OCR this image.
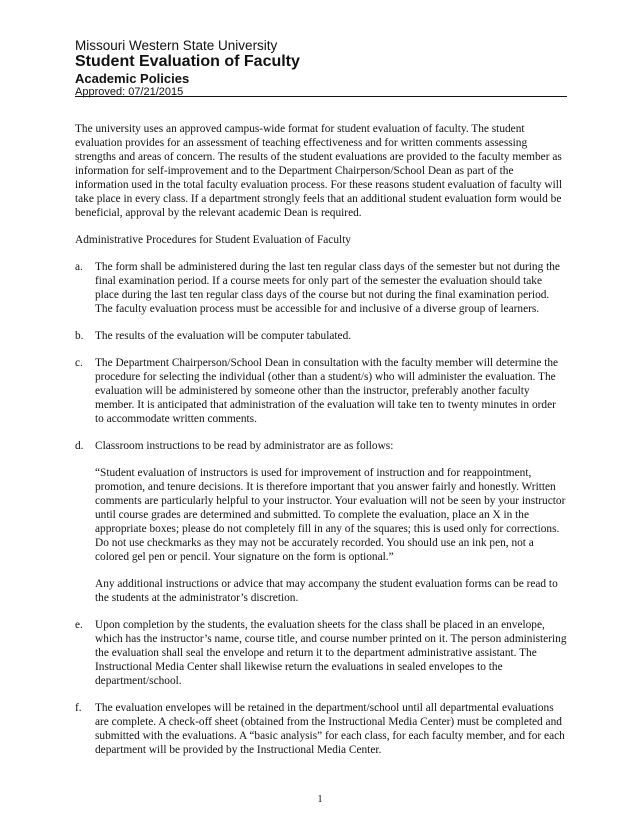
Missouri Western State University
Student Evaluation of Faculty
Academic Policies
Approved: 07/21/2015

The university uses an approved campus-wide format for student evaluation of faculty. The student evaluation provides for an assessment of teaching effectiveness and for written comments assessing strengths and areas of concern. The results of the student evaluations are provided to the faculty member as information for self-improvement and to the Department Chairperson/School Dean as part of the information used in the total faculty evaluation process. For these reasons student evaluation of faculty will take place in every class. If a department strongly feels that an additional student evaluation form would be beneficial, approval by the relevant academic Dean is required.

Administrative Procedures for Student Evaluation of Faculty

a. The form shall be administered during the last ten regular class days of the semester but not during the final examination period. If a course meets for only part of the semester the evaluation should take place during the last ten regular class days of the course but not during the final examination period. The faculty evaluation process must be accessible for and inclusive of a diverse group of learners.

b. The results of the evaluation will be computer tabulated.

c. The Department Chairperson/School Dean in consultation with the faculty member will determine the procedure for selecting the individual (other than a student/s) who will administer the evaluation. The evaluation will be administered by someone other than the instructor, preferably another faculty member. It is anticipated that administration of the evaluation will take ten to twenty minutes in order to accommodate written comments.

d. Classroom instructions to be read by administrator are as follows:

“Student evaluation of instructors is used for improvement of instruction and for reappointment, promotion, and tenure decisions. It is therefore important that you answer fairly and honestly. Written comments are particularly helpful to your instructor. Your evaluation will not be seen by your instructor until course grades are determined and submitted. To complete the evaluation, place an X in the appropriate boxes; please do not completely fill in any of the squares; this is used only for corrections. Do not use checkmarks as they may not be accurately recorded. You should use an ink pen, not a colored gel pen or pencil. Your signature on the form is optional.”

Any additional instructions or advice that may accompany the student evaluation forms can be read to the students at the administrator’s discretion.

e. Upon completion by the students, the evaluation sheets for the class shall be placed in an envelope, which has the instructor’s name, course title, and course number printed on it. The person administering the evaluation shall seal the envelope and return it to the department administrative assistant. The Instructional Media Center shall likewise return the evaluations in sealed envelopes to the department/school.

f. The evaluation envelopes will be retained in the department/school until all departmental evaluations are complete. A check-off sheet (obtained from the Instructional Media Center) must be completed and submitted with the evaluations. A “basic analysis” for each class, for each faculty member, and for each department will be provided by the Instructional Media Center.

1
